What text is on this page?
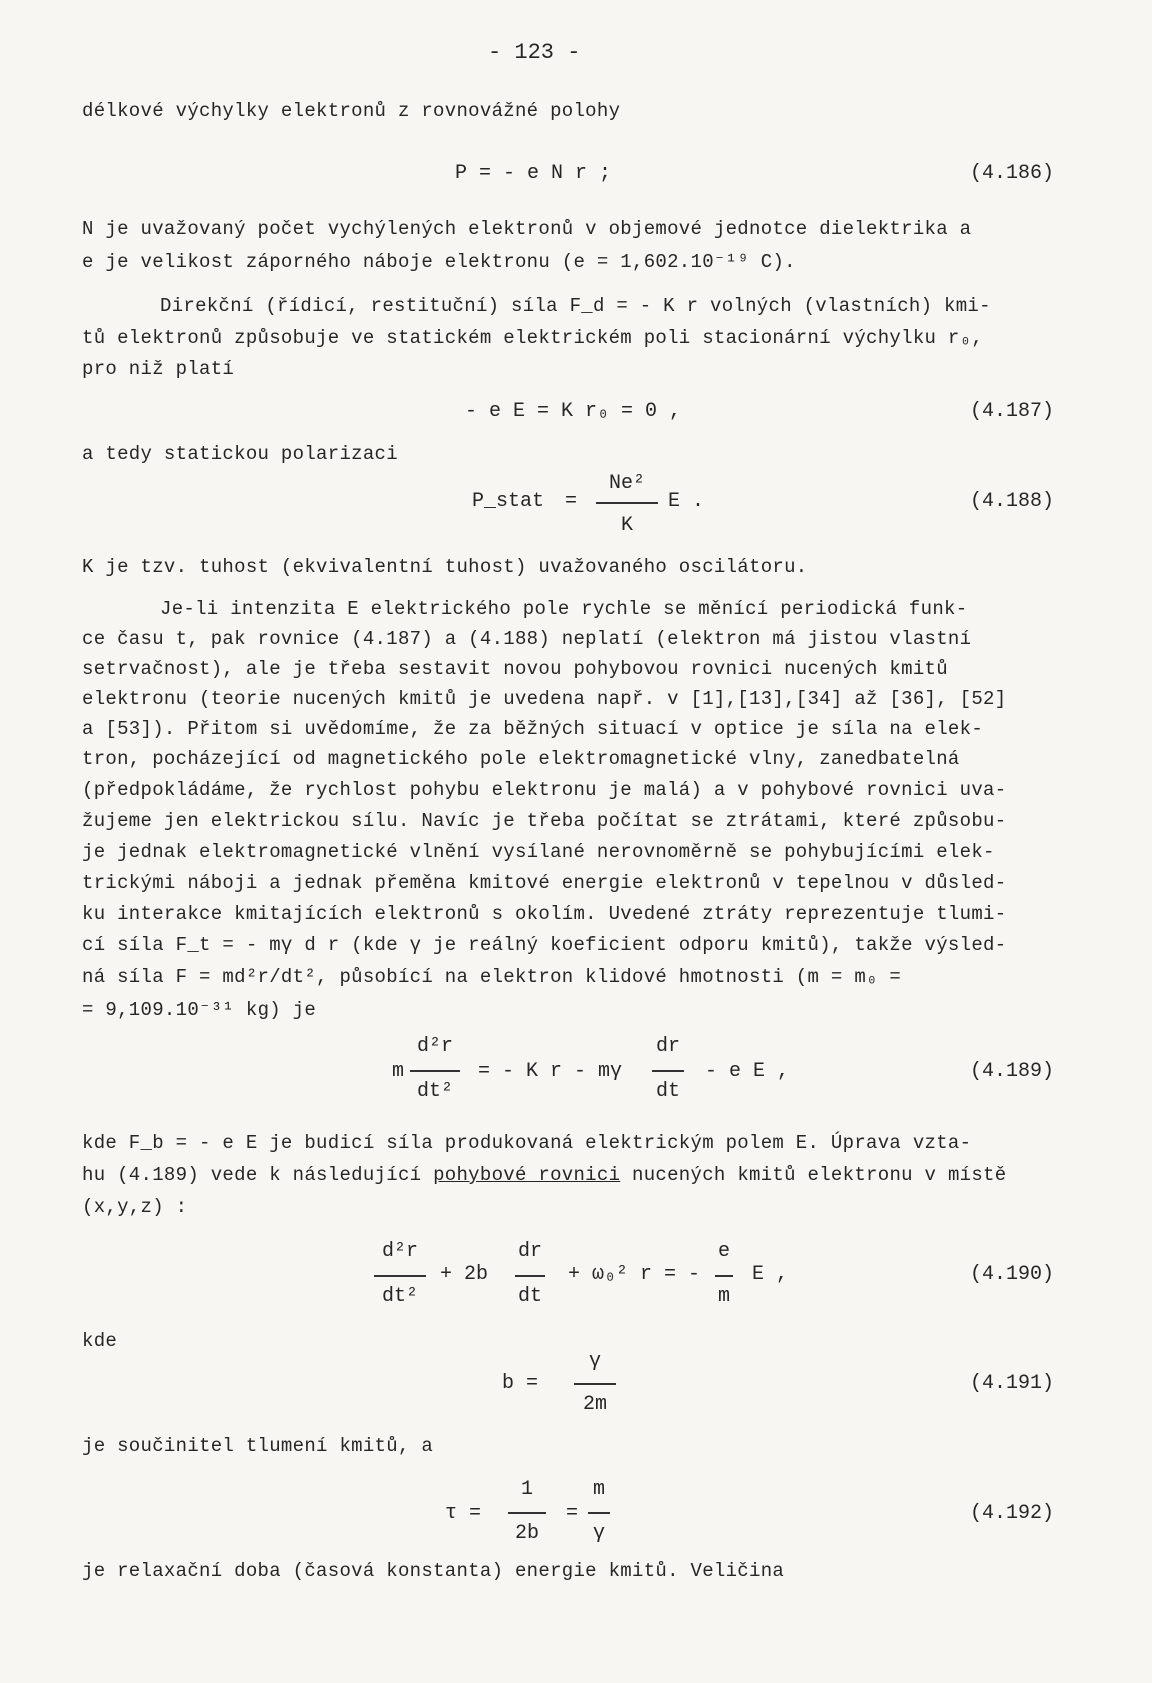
- 123 -
délkové výchylky elektronů z rovnovážné polohy
P = - e N r ;	(4.186)
N je uvažovaný počet vychýlených elektronů v objemové jednotce dielektrika a
e je velikost záporného náboje elektronu (e = 1,602.10⁻¹⁹ C).
Direkční (řídicí, restituční) síla F_d = - K r volných (vlastních) kmi-
tů elektronů způsobuje ve statickém elektrickém poli stacionární výchylku r₀,
pro niž platí
- e E = K r₀ = 0 ,	(4.187)
a tedy statickou polarizaci
P_stat =
Ne²
K
E .	(4.188)
K je tzv. tuhost (ekvivalentní tuhost) uvažovaného oscilátoru.
Je-li intenzita E elektrického pole rychle se měnící periodická funk-
ce času t, pak rovnice (4.187) a (4.188) neplatí (elektron má jistou vlastní
setrvačnost), ale je třeba sestavit novou pohybovou rovnici nucených kmitů
elektronu (teorie nucených kmitů je uvedena např. v [1],[13],[34] až [36], [52]
a [53]). Přitom si uvědomíme, že za běžných situací v optice je síla na elek-
tron, pocházející od magnetického pole elektromagnetické vlny, zanedbatelná
(předpokládáme, že rychlost pohybu elektronu je malá) a v pohybové rovnici uva-
žujeme jen elektrickou sílu. Navíc je třeba počítat se ztrátami, které způsobu-
je jednak elektromagnetické vlnění vysílané nerovnoměrně se pohybujícími elek-
trickými náboji a jednak přeměna kmitové energie elektronů v tepelnou v důsled-
ku interakce kmitajících elektronů s okolím. Uvedené ztráty reprezentuje tlumi-
cí síla F_t = - mγ d r (kde γ je reálný koeficient odporu kmitů), takže výsled-
ná síla F = md²r/dt², působící na elektron klidové hmotnosti (m = m₀ =
= 9,109.10⁻³¹ kg) je
m
d²r
dt²
= - K r - mγ
dr
dt
- e E ,	(4.189)
kde F_b = - e E je budicí síla produkovaná elektrickým polem E. Úprava vzta-
hu (4.189) vede k následující pohybové rovnici nucených kmitů elektronu v místě
(x,y,z) :
d²r
dt²
+ 2b
dr
dt
+ ω₀² r = -
e
m
E ,	(4.190)
kde
b =
γ
2m
(4.191)
je součinitel tlumení kmitů, a
τ =
1
2b
=
m
γ
(4.192)
je relaxační doba (časová konstanta) energie kmitů. Veličina
